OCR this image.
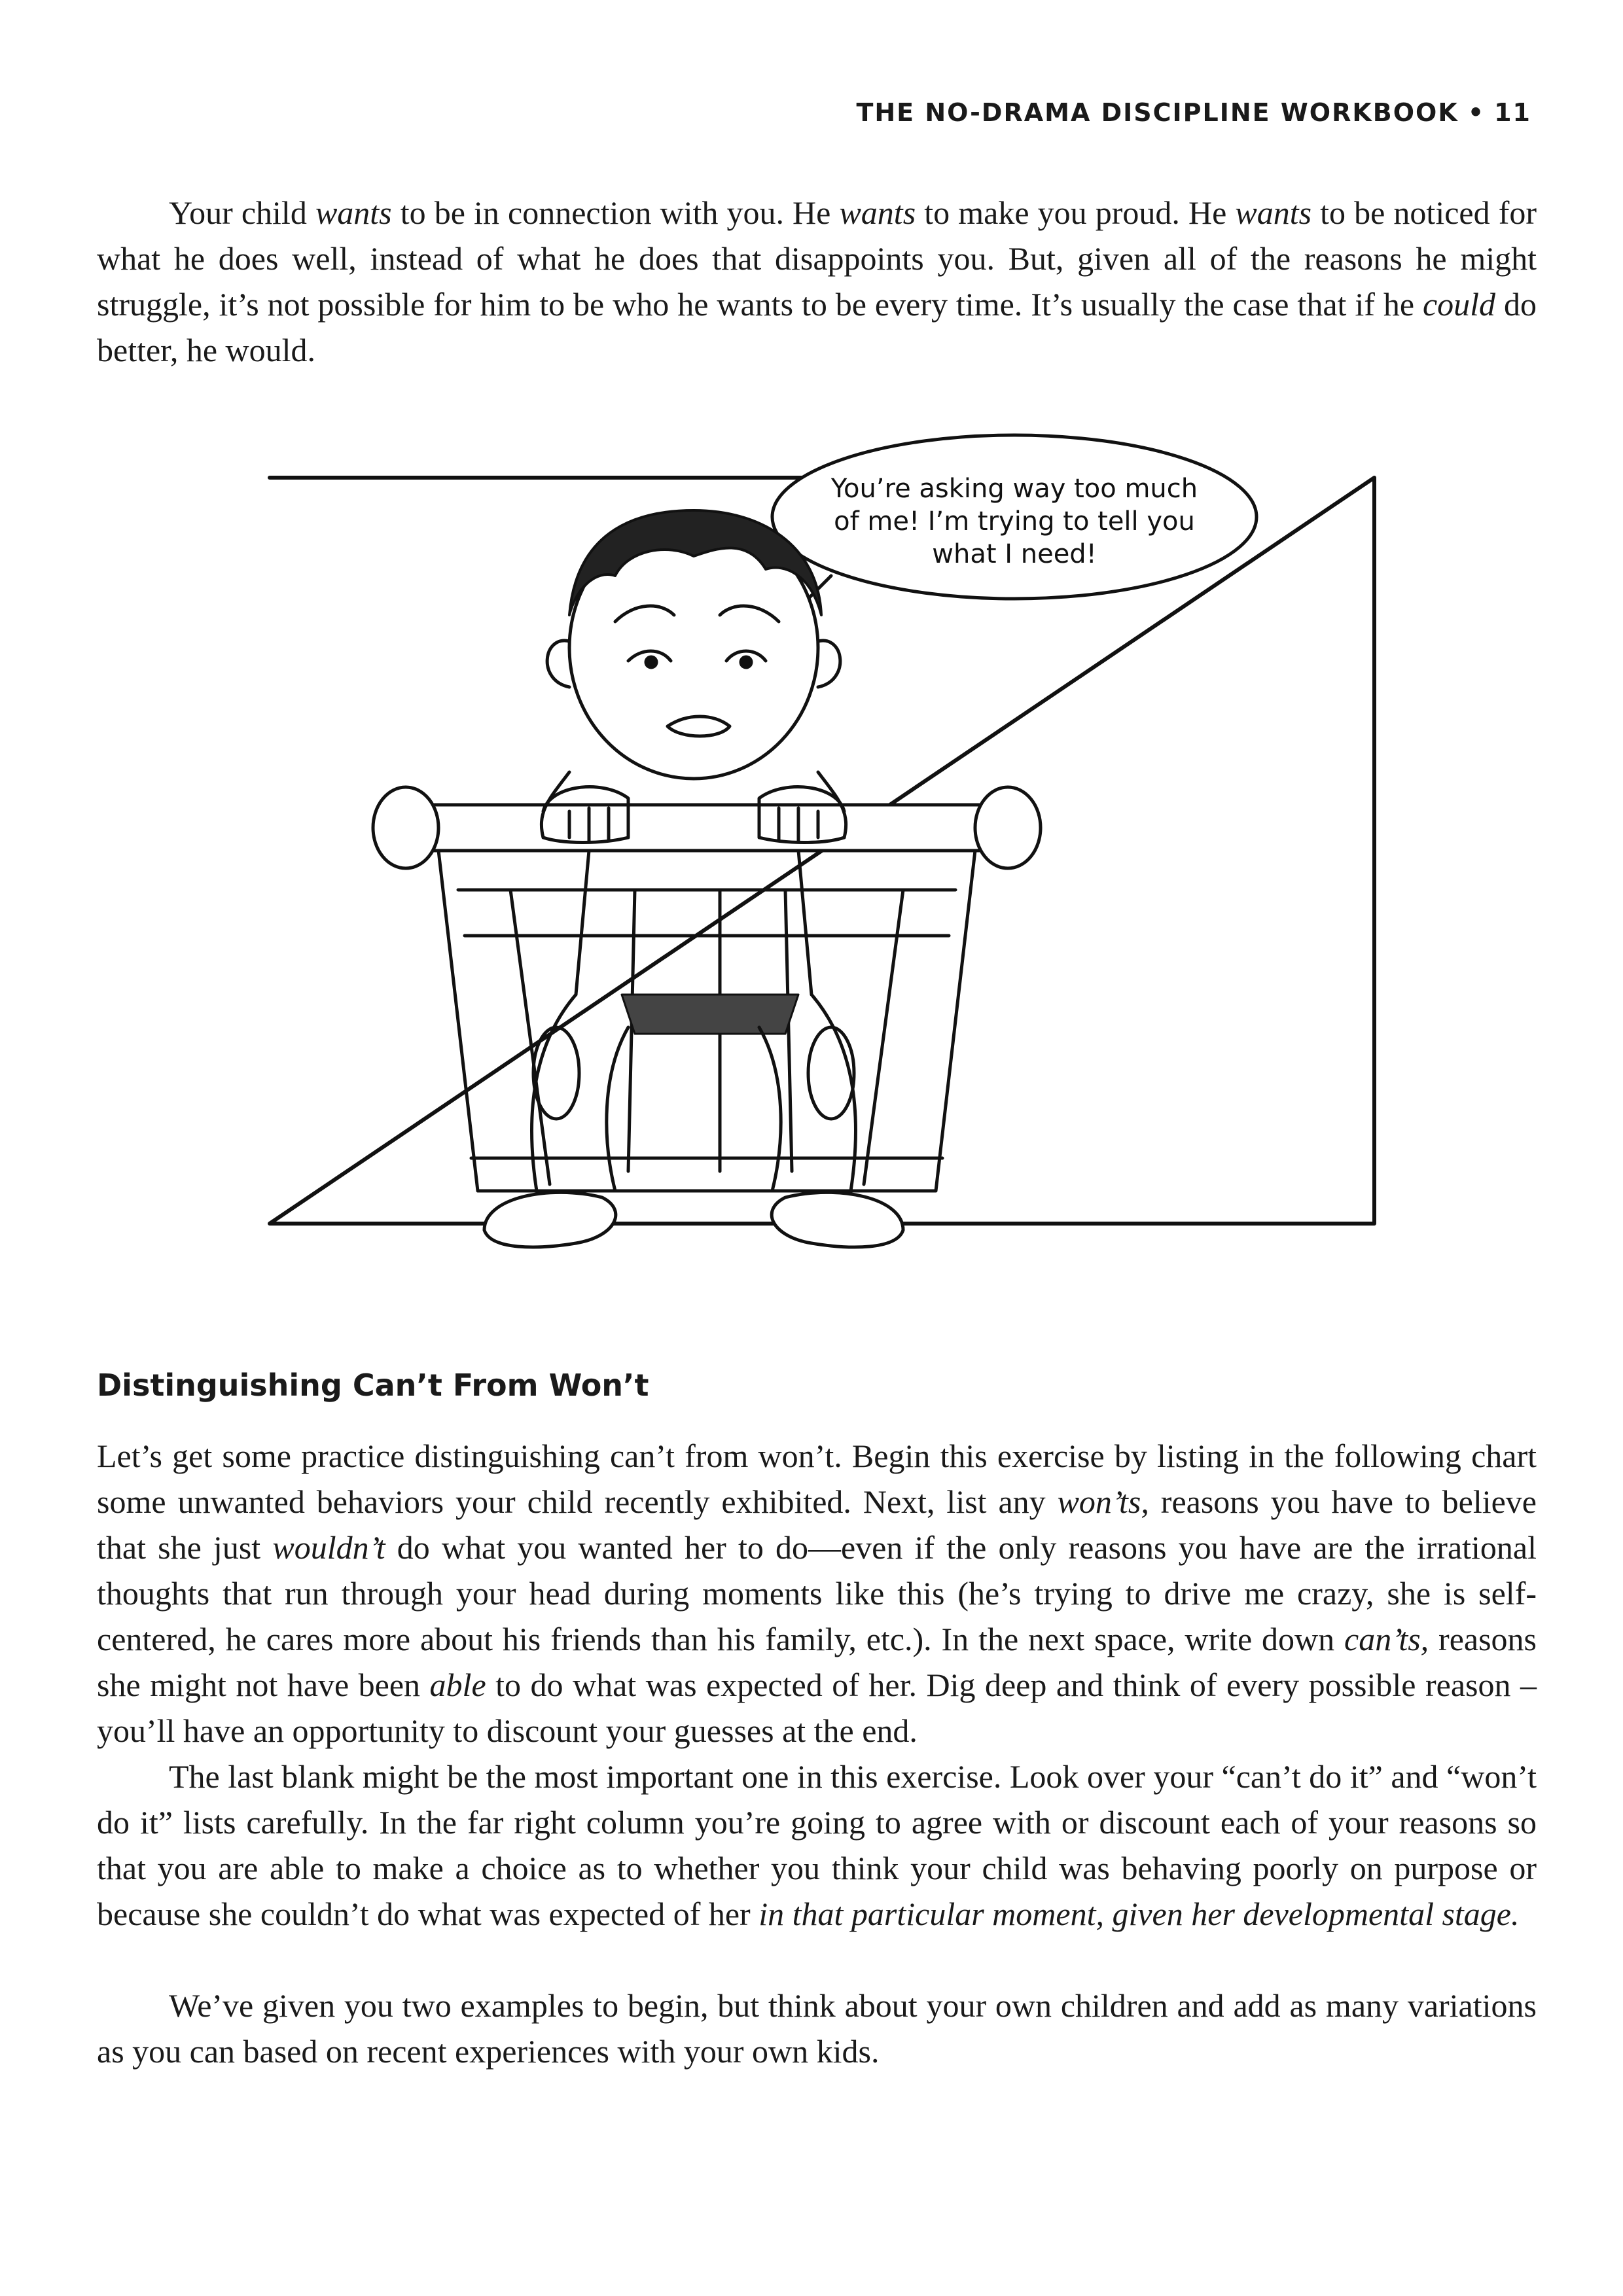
THE NO-DRAMA DISCIPLINE WORKBOOK • 11

Your child wants to be in connection with you. He wants to make you proud. He wants to be noticed for what he does well, instead of what he does that disappoints you. But, given all of the reasons he might struggle, it’s not possible for him to be who he wants to be every time. It’s usually the case that if he could do better, he would.

You’re asking way too much
of me! I’m trying to tell you
what I need!
Distinguishing Can’t From Won’t

Let’s get some practice distinguishing can’t from won’t. Begin this exercise by listing in the following chart some unwanted behaviors your child recently exhibited. Next, list any won’ts, reasons you have to believe that she just wouldn’t do what you wanted her to do—even if the only reasons you have are the irrational thoughts that run through your head during moments like this (he’s trying to drive me crazy, she is self-centered, he cares more about his friends than his family, etc.). In the next space, write down can’ts, reasons she might not have been able to do what was expected of her. Dig deep and think of every possible reason – you’ll have an opportunity to discount your guesses at the end.

The last blank might be the most important one in this exercise. Look over your “can’t do it” and “won’t do it” lists carefully. In the far right column you’re going to agree with or discount each of your reasons so that you are able to make a choice as to whether you think your child was behaving poorly on purpose or because she couldn’t do what was expected of her in that particular moment, given her developmental stage.

We’ve given you two examples to begin, but think about your own children and add as many variations as you can based on recent experiences with your own kids.
